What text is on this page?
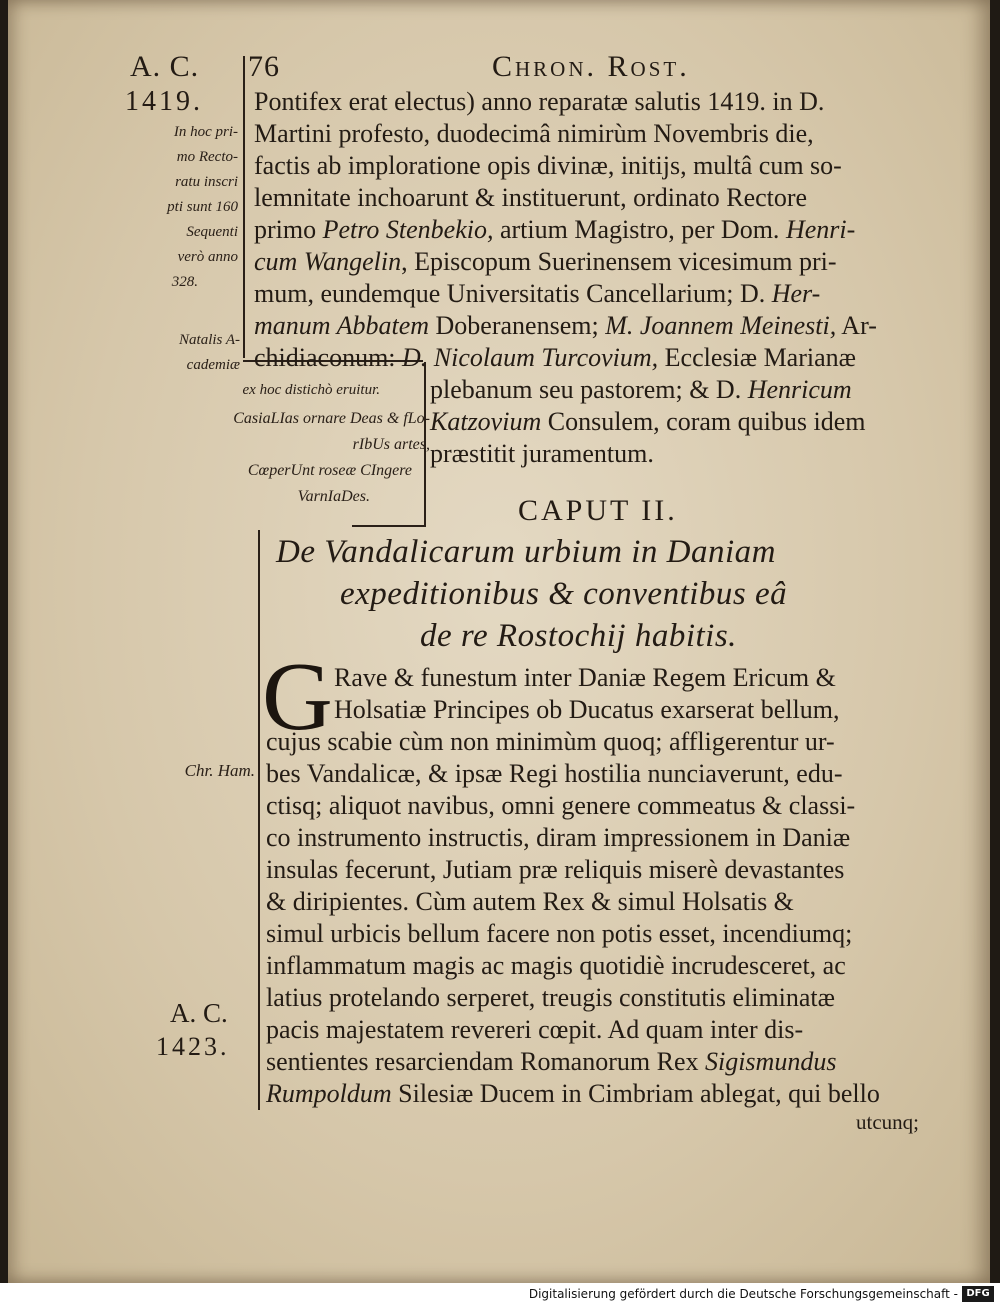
A. C. 76	Chron. Rost.
1419.
In hoc pri-
mo Recto-
ratu inscri
pti sunt 160
Sequenti
verò anno
328.
Natalis A-
cademiæ
ex hoc distichò eruitur.
CasiaLIas ornare Deas & fLo-
rIbUs artes,
CœperUnt roseæ CIngere
VarnIaDes.
Chr. Ham.
A. C.
1423.
Pontifex erat electus) anno reparatæ salutis 1419. in D.
Martini profesto, duodecimâ nimirùm Novembris die,
factis ab imploratione opis divinæ, initijs, multâ cum so-
lemnitate inchoarunt & instituerunt, ordinato Rectore
primo Petro Stenbekio, artium Magistro, per Dom. Henri-
cum Wangelin, Episcopum Suerinensem vicesimum pri-
mum, eundemque Universitatis Cancellarium; D. Her-
manum Abbatem Doberanensem; M. Joannem Meinesti, Ar-
chidiaconum: D. Nicolaum Turcovium, Ecclesiæ Marianæ
plebanum seu pastorem; & D. Henricum
Katzovium Consulem, coram quibus idem
præstitit juramentum.
CAPUT II.
De Vandalicarum urbium in Daniam
expeditionibus & conventibus eâ
de re Rostochij habitis.
G Rave & funestum inter Daniæ Regem Ericum &
Holsatiæ Principes ob Ducatus exarserat bellum,
cujus scabie cùm non minimùm quoq; affligerentur ur-
bes Vandalicæ, & ipsæ Regi hostilia nunciaverunt, edu-
ctisq; aliquot navibus, omni genere commeatus & classi-
co instrumento instructis, diram impressionem in Daniæ
insulas fecerunt, Jutiam præ reliquis miserè devastantes
& diripientes. Cùm autem Rex & simul Holsatis &
simul urbicis bellum facere non potis esset, incendiumq;
inflammatum magis ac magis quotidiè incrudesceret, ac
latius protelando serperet, treugis constitutis eliminatæ
pacis majestatem revereri cœpit. Ad quam inter dis-
sentientes resarciendam Romanorum Rex Sigismundus
Rumpoldum Silesiæ Ducem in Cimbriam ablegat, qui bello
utcunq;
Digitalisierung gefördert durch die Deutsche Forschungsgemeinschaft - DFG
